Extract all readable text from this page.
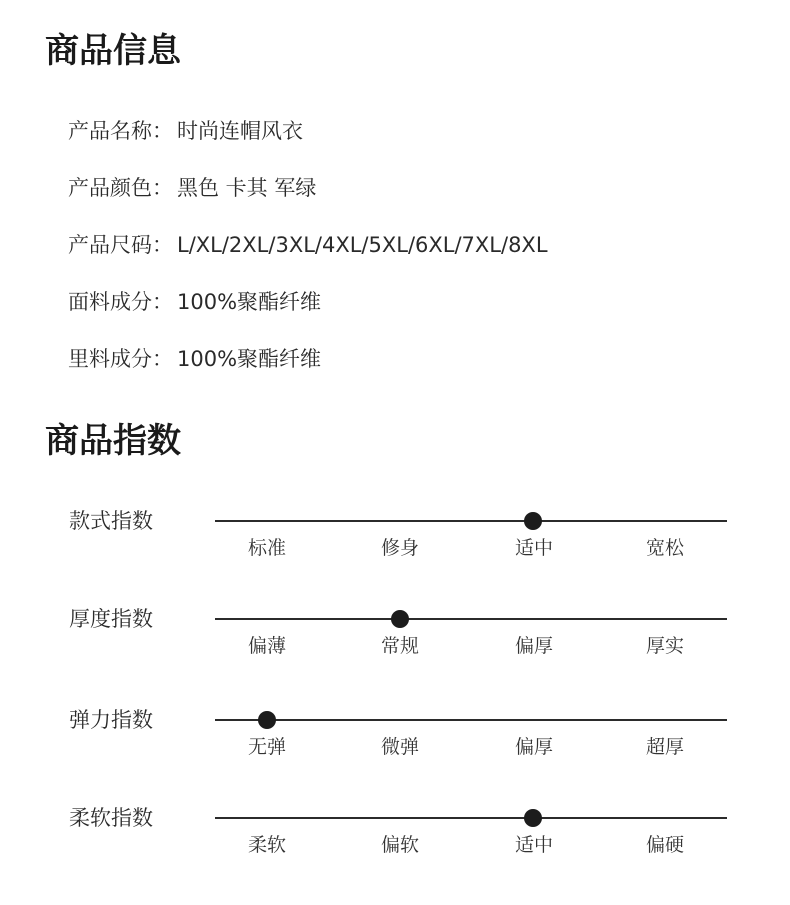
商品信息
产品名称： 时尚连帽风衣
产品颜色： 黑色 卡其 军绿
产品尺码： L/XL/2XL/3XL/4XL/5XL/6XL/7XL/8XL
面料成分： 100%聚酯纤维
里料成分： 100%聚酯纤维
商品指数
款式指数
标准	修身	适中	宽松
厚度指数
偏薄	常规	偏厚	厚实
弹力指数
无弹	微弹	偏厚	超厚
柔软指数
柔软	偏软	适中	偏硬
